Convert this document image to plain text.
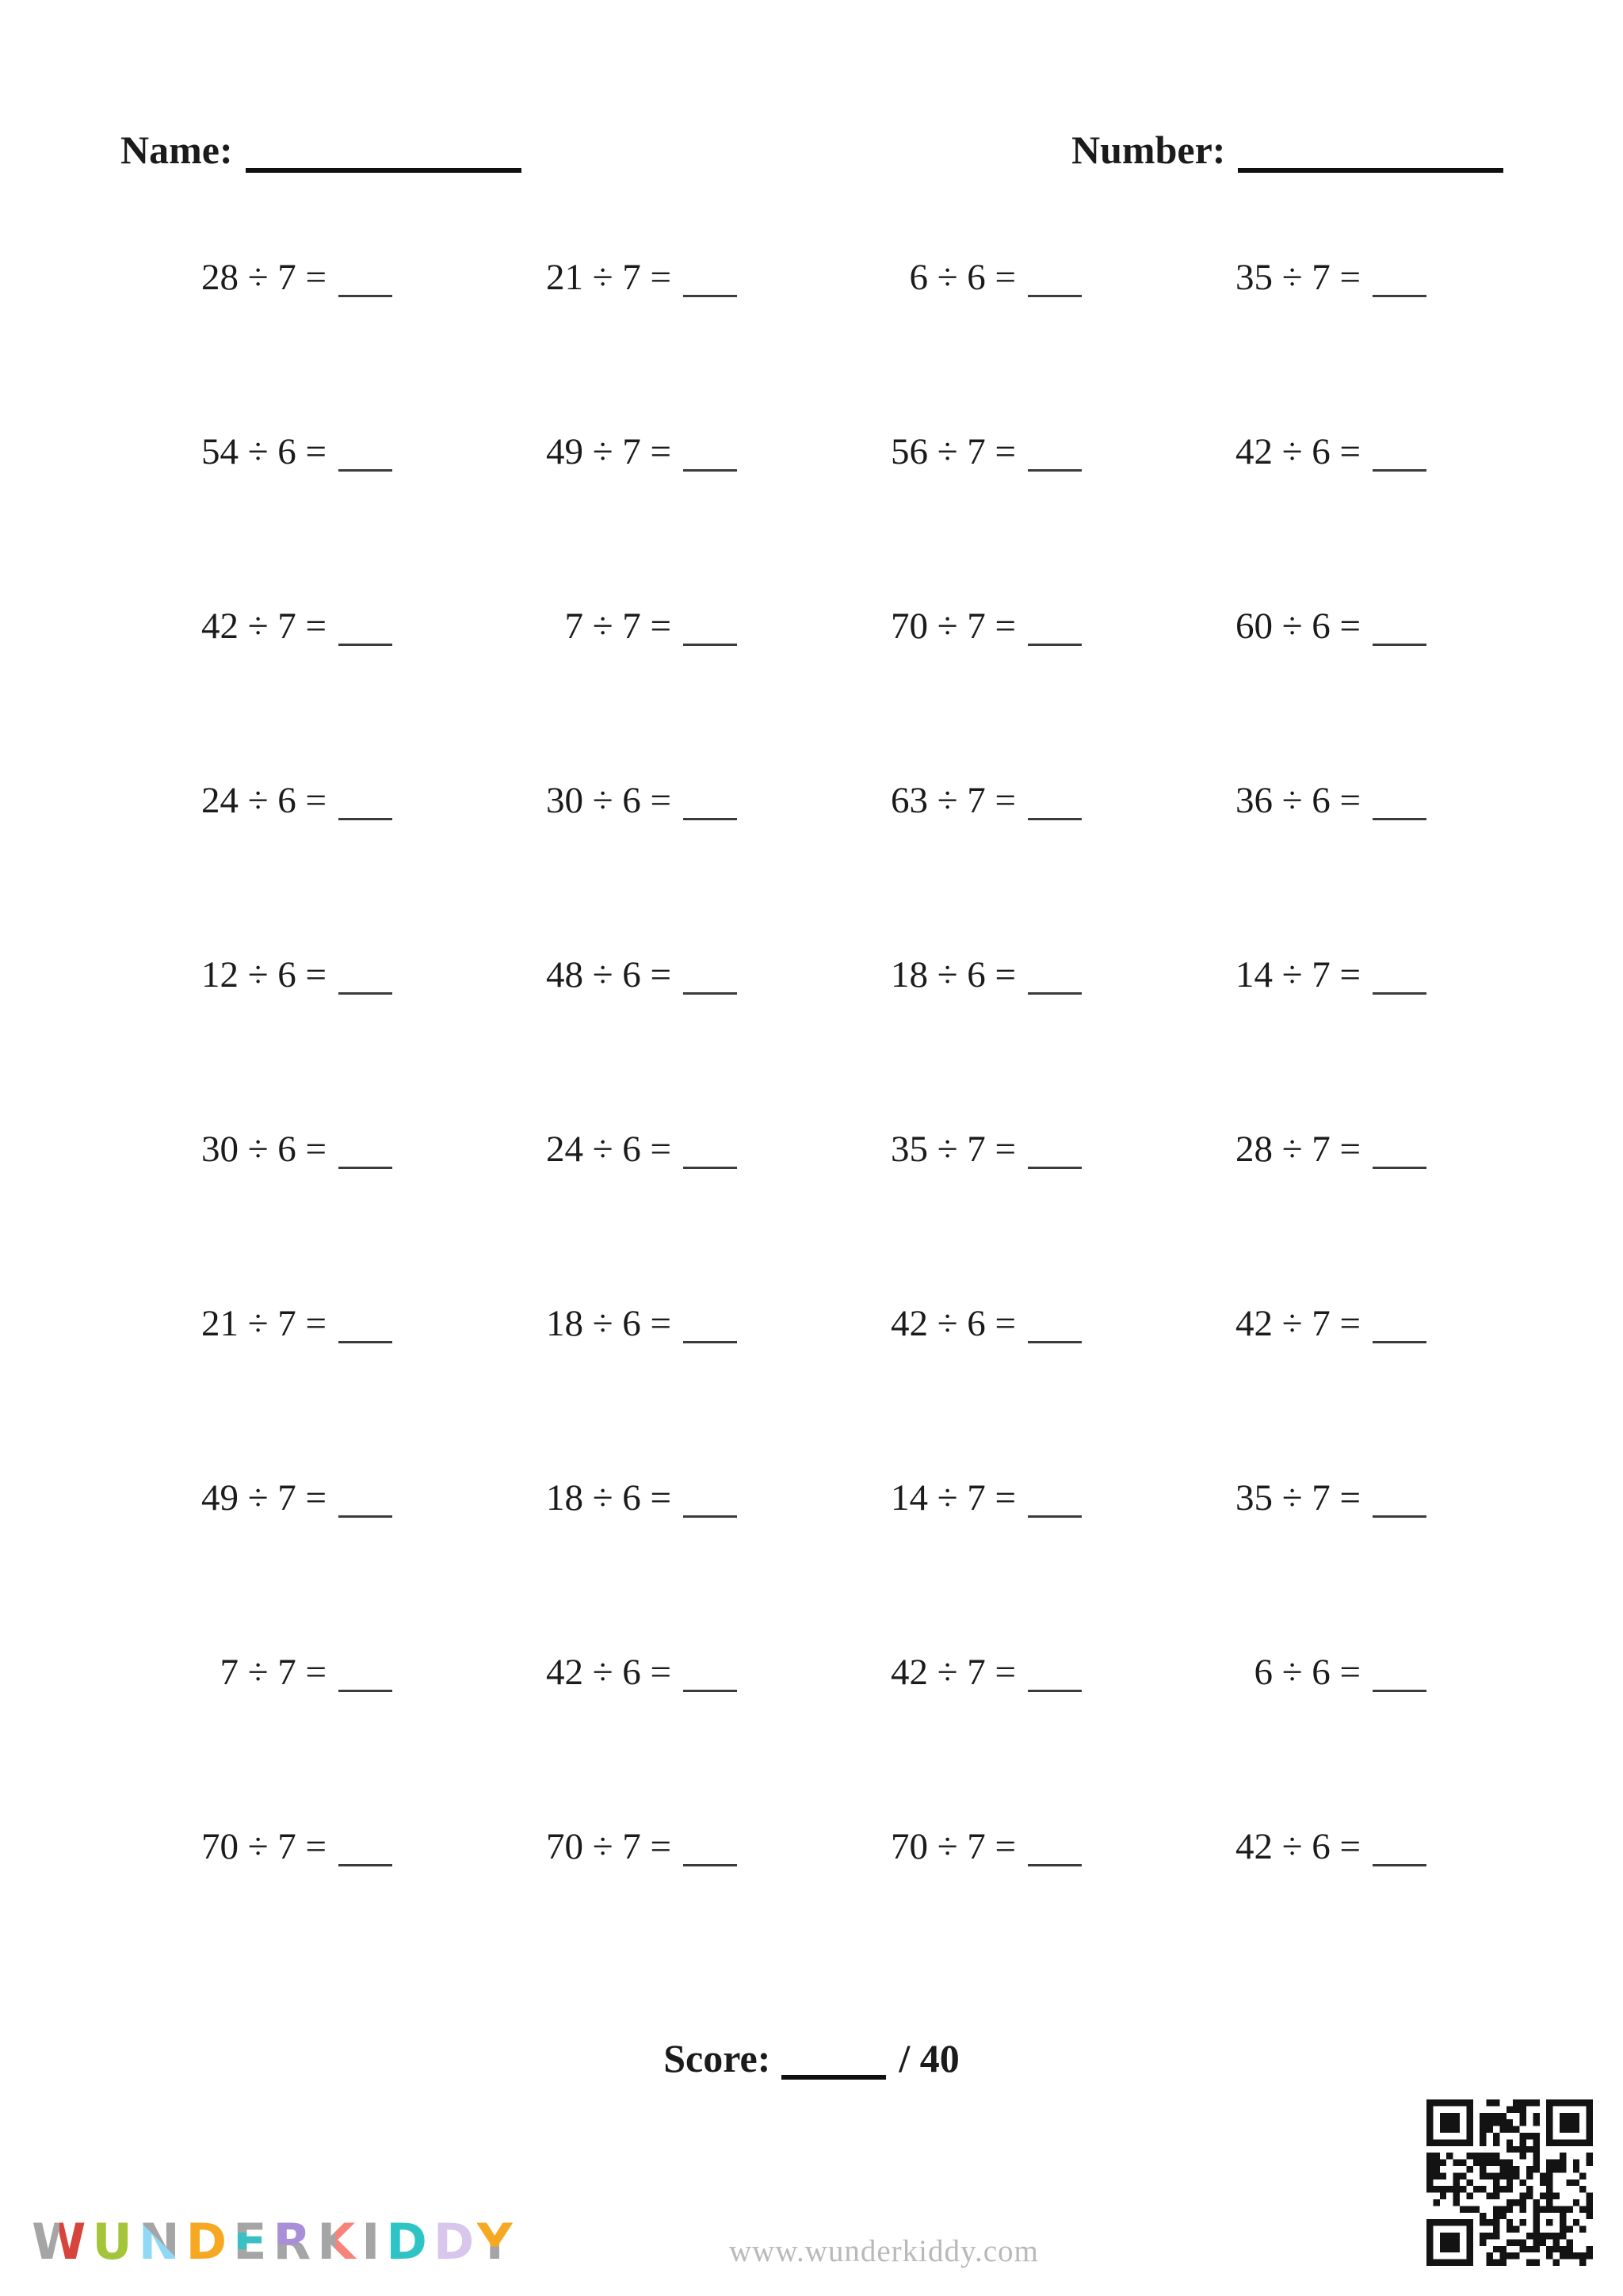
Name:	Number:
28 ÷ 7 =	21 ÷ 7 =	6 ÷ 6 =	35 ÷ 7 =
54 ÷ 6 =	49 ÷ 7 =	56 ÷ 7 =	42 ÷ 6 =
42 ÷ 7 =	7 ÷ 7 =	70 ÷ 7 =	60 ÷ 6 =
24 ÷ 6 =	30 ÷ 6 =	63 ÷ 7 =	36 ÷ 6 =
12 ÷ 6 =	48 ÷ 6 =	18 ÷ 6 =	14 ÷ 7 =
30 ÷ 6 =	24 ÷ 6 =	35 ÷ 7 =	28 ÷ 7 =
21 ÷ 7 =	18 ÷ 6 =	42 ÷ 6 =	42 ÷ 7 =
49 ÷ 7 =	18 ÷ 6 =	14 ÷ 7 =	35 ÷ 7 =
7 ÷ 7 =	42 ÷ 6 =	42 ÷ 7 =	6 ÷ 6 =
70 ÷ 7 =	70 ÷ 7 =	70 ÷ 7 =	42 ÷ 6 =
Score:	/ 40
WUNDERKIDDY	www.wunderkiddy.com
